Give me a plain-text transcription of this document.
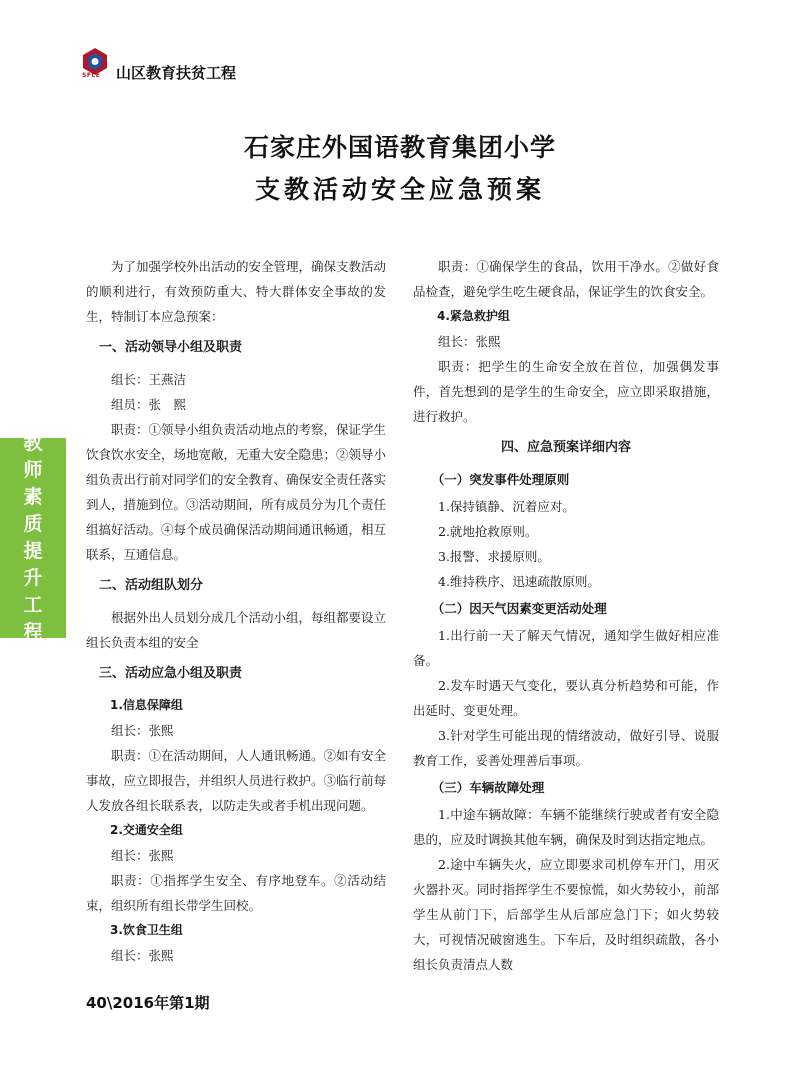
SFLE 山区教育扶贫工程
石家庄外国语教育集团小学
支教活动安全应急预案
教
师
素
质
提
升
工
程

为了加强学校外出活动的安全管理，确保支教活动的顺利进行，有效预防重大、特大群体安全事故的发生，特制订本应急预案：

一、活动领导小组及职责

组长：王燕洁

组员：张　熙

职责：①领导小组负责活动地点的考察，保证学生饮食饮水安全，场地宽敞，无重大安全隐患；②领导小组负责出行前对同学们的安全教育、确保安全责任落实到人，措施到位。③活动期间，所有成员分为几个责任组搞好活动。④每个成员确保活动期间通讯畅通，相互联系，互通信息。

二、活动组队划分

根据外出人员划分成几个活动小组，每组都要设立组长负责本组的安全

三、活动应急小组及职责
1.信息保障组

组长：张熙

职责：①在活动期间，人人通讯畅通。②如有安全事故，应立即报告，并组织人员进行救护。③临行前每人发放各组长联系表，以防走失或者手机出现问题。

2.交通安全组

组长：张熙

职责：①指挥学生安全、有序地登车。②活动结束，组织所有组长带学生回校。

3.饮食卫生组

组长：张熙

职责：①确保学生的食品，饮用干净水。②做好食品检查，避免学生吃生硬食品，保证学生的饮食安全。

4.紧急救护组

组长：张熙

职责：把学生的生命安全放在首位，加强偶发事件，首先想到的是学生的生命安全，应立即采取措施，进行救护。

四、应急预案详细内容
（一）突发事件处理原则

1.保持镇静、沉着应对。

2.就地抢救原则。

3.报警、求援原则。

4.维持秩序、迅速疏散原则。

（二）因天气因素变更活动处理

1.出行前一天了解天气情况，通知学生做好相应准备。

2.发车时遇天气变化，要认真分析趋势和可能，作出延时、变更处理。

3.针对学生可能出现的情绪波动，做好引导、说服教育工作，妥善处理善后事项。

（三）车辆故障处理

1.中途车辆故障：车辆不能继续行驶或者有安全隐患的，应及时调换其他车辆，确保及时到达指定地点。

2.途中车辆失火，应立即要求司机停车开门，用灭火器扑灭。同时指挥学生不要惊慌，如火势较小，前部学生从前门下，后部学生从后部应急门下；如火势较大，可视情况破窗逃生。下车后，及时组织疏散，各小组长负责清点人数

40\2016年第1期
